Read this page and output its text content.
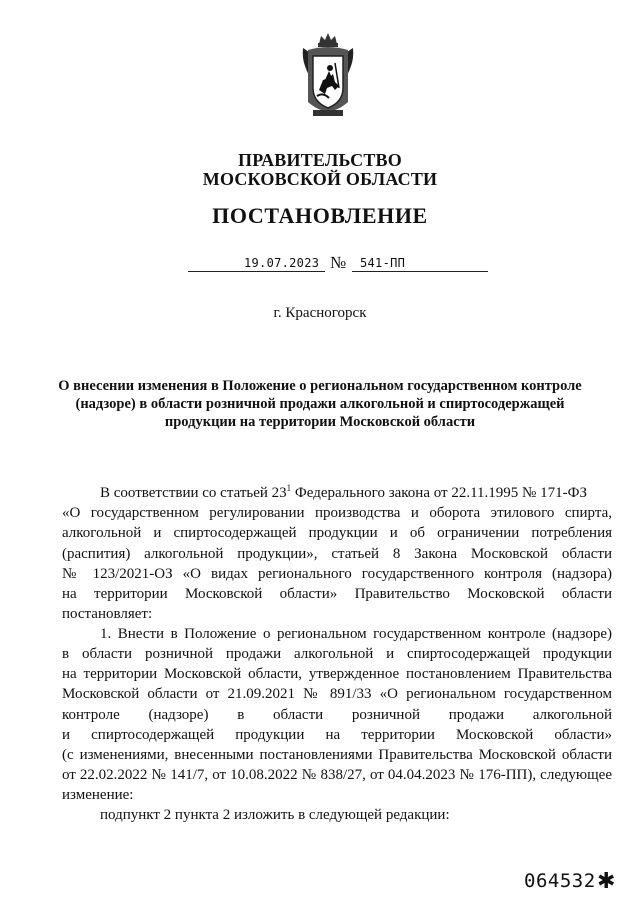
ПРАВИТЕЛЬСТВО
МОСКОВСКОЙ ОБЛАСТИ
ПОСТАНОВЛЕНИЕ
19.07.2023 № 541-ПП
г. Красногорск
О внесении изменения в Положение о региональном государственном контроле
(надзоре) в области розничной продажи алкогольной и спиртосодержащей
продукции на территории Московской области
В соответствии со статьей $23^1$ Федерального закона от 22.11.1995 № 171-ФЗ
«О государственном регулировании производства и оборота этилового спирта,
алкогольной и спиртосодержащей продукции и об ограничении потребления
(распития) алкогольной продукции», статьей 8 Закона Московской области
№ 123/2021-ОЗ «О видах регионального государственного контроля (надзора)
на территории Московской области» Правительство Московской области
постановляет:
1. Внести в Положение о региональном государственном контроле (надзоре)
в области розничной продажи алкогольной и спиртосодержащей продукции
на территории Московской области, утвержденное постановлением Правительства
Московской области от 21.09.2021 № 891/33 «О региональном государственном
контроле (надзоре) в области розничной продажи алкогольной
и спиртосодержащей продукции на территории Московской области»
(с изменениями, внесенными постановлениями Правительства Московской области
от 22.02.2022 № 141/7, от 10.08.2022 № 838/27, от 04.04.2023 № 176-ПП), следующее
изменение:
подпункт 2 пункта 2 изложить в следующей редакции:
064532 ✱
